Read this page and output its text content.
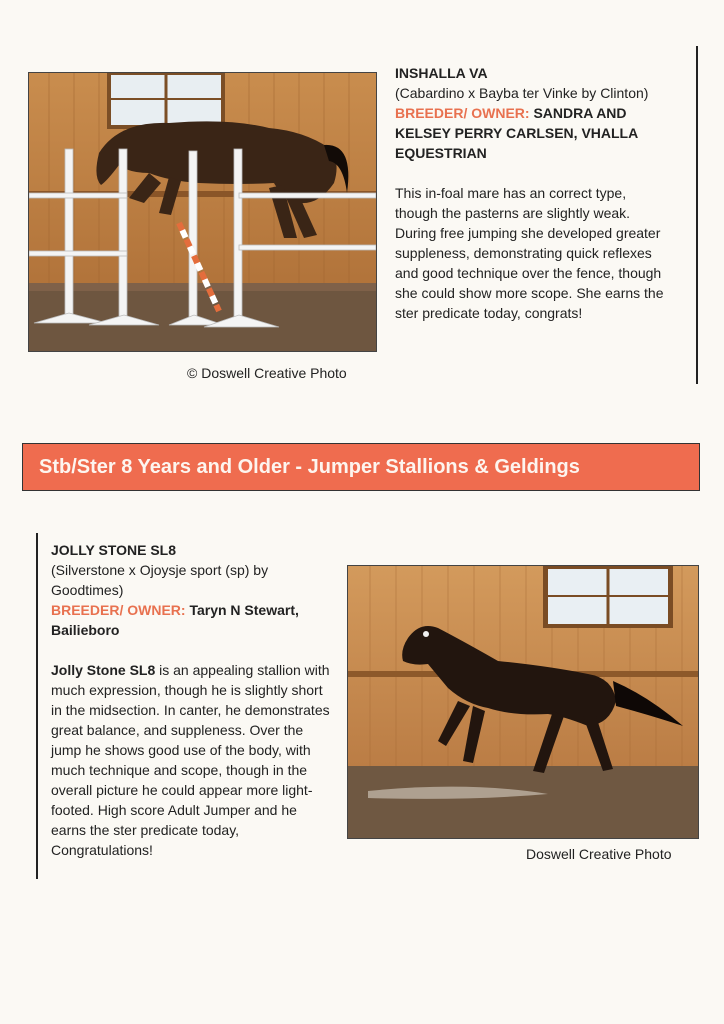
© Doswell Creative Photo

INSHALLA VA

(Cabardino x Bayba ter Vinke by Clinton)

BREEDER/ OWNER: SANDRA AND KELSEY PERRY CARLSEN, VHALLA EQUESTRIAN

This in-foal mare has an correct type, though the pasterns are slightly weak. During free jumping she developed greater suppleness, demonstrating quick reflexes and good technique over the fence, though she could show more scope. She earns the ster predicate today, congrats!

Stb/Ster 8 Years and Older - Jumper Stallions & Geldings

JOLLY STONE SL8

(Silverstone x Ojoysje sport (sp) by Goodtimes)

BREEDER/ OWNER: Taryn N Stewart, Bailieboro

Jolly Stone SL8 is an appealing stallion with much expression, though he is slightly short in the midsection. In canter, he demonstrates great balance, and suppleness. Over the jump he shows good use of the body, with much technique and scope, though in the overall picture he could appear more light-footed. High score Adult Jumper and he earns the ster predicate today, Congratulations!	Doswell Creative Photo
